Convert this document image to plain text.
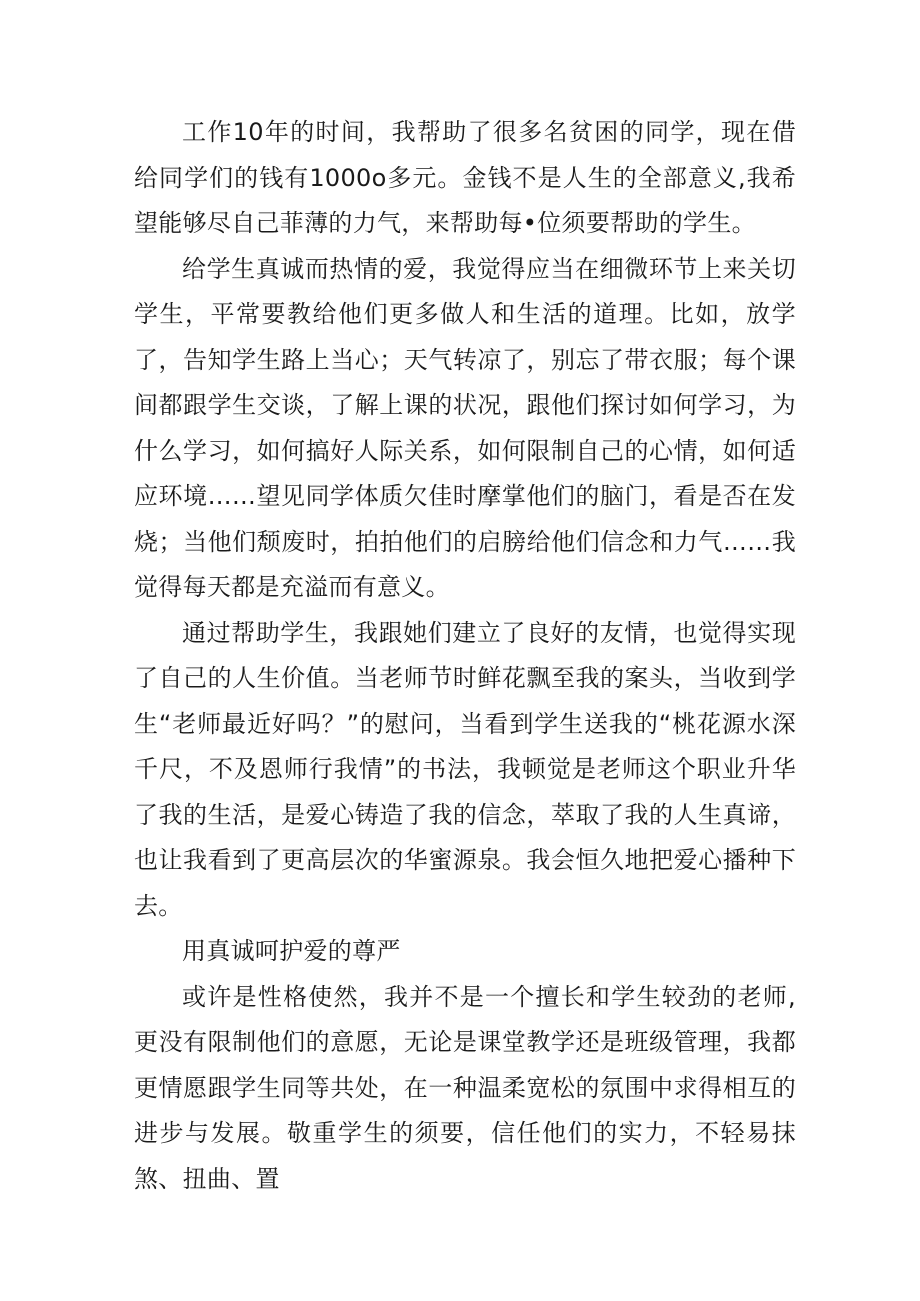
工作10年的时间，我帮助了很多名贫困的同学，现在借给同学们的钱有1000o多元。金钱不是人生的全部意义,我希望能够尽自己菲薄的力气，来帮助每•位须要帮助的学生。

给学生真诚而热情的爱，我觉得应当在细微环节上来关切学生，平常要教给他们更多做人和生活的道理。比如，放学了，告知学生路上当心；天气转凉了，别忘了带衣服；每个课间都跟学生交谈，了解上课的状况，跟他们探讨如何学习，为什么学习，如何搞好人际关系，如何限制自己的心情，如何适应环境……望见同学体质欠佳时摩掌他们的脑门，看是否在发烧；当他们颓废时，拍拍他们的启膀给他们信念和力气……我觉得每天都是充溢而有意义。

通过帮助学生，我跟她们建立了良好的友情，也觉得实现了自己的人生价值。当老师节时鲜花飘至我的案头，当收到学生“老师最近好吗？”的慰问，当看到学生送我的“桃花源水深千尺，不及恩师行我情”的书法，我顿觉是老师这个职业升华了我的生活，是爱心铸造了我的信念，萃取了我的人生真谛，也让我看到了更高层次的华蜜源泉。我会恒久地把爱心播种下去。

用真诚呵护爱的尊严

或许是性格使然，我并不是一个擅长和学生较劲的老师,更没有限制他们的意愿，无论是课堂教学还是班级管理，我都更情愿跟学生同等共处，在一种温柔宽松的氛围中求得相互的进步与发展。敬重学生的须要，信任他们的实力，不轻易抹煞、扭曲、置
